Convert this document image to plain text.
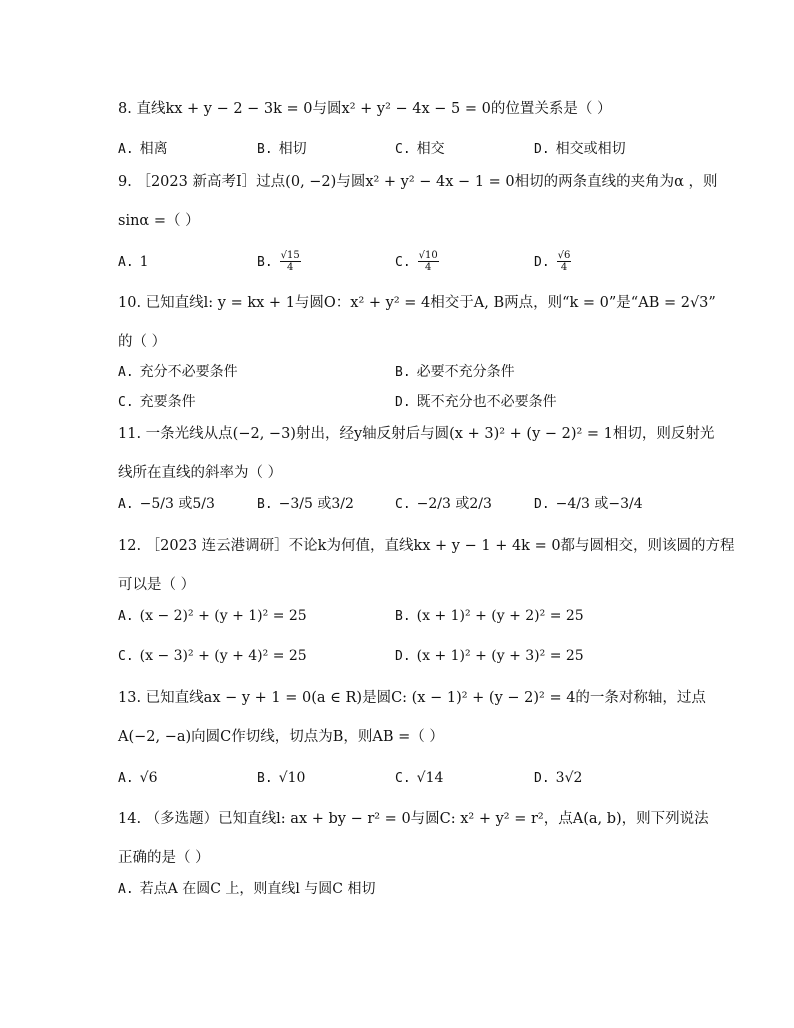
8. 直线kx + y − 2 − 3k = 0与圆x² + y² − 4x − 5 = 0的位置关系是（ ）
A. 相离	B. 相切	C. 相交	D. 相交或相切
9. ［2023 新高考Ⅰ］过点(0, −2)与圆x² + y² − 4x − 1 = 0相切的两条直线的夹角为α ，则
sinα =（ ）
A. 1	B. $\frac{√15}{4}$	C. $\frac{√10}{4}$	D. $\frac{√6}{4}$
10. 已知直线l: y = kx + 1与圆O：x² + y² = 4相交于A, B两点，则“k = 0”是“AB = 2√3”
的（ ）
A. 充分不必要条件	B. 必要不充分条件
C. 充要条件	D. 既不充分也不必要条件
11. 一条光线从点(−2, −3)射出，经y轴反射后与圆(x + 3)² + (y − 2)² = 1相切，则反射光
线所在直线的斜率为（ ）
A. −5/3 或5/3	B. −3/5 或3/2	C. −2/3 或2/3	D. −4/3 或−3/4
12. ［2023 连云港调研］不论k为何值，直线kx + y − 1 + 4k = 0都与圆相交，则该圆的方程
可以是（ ）
A. (x − 2)² + (y + 1)² = 25	B. (x + 1)² + (y + 2)² = 25
C. (x − 3)² + (y + 4)² = 25	D. (x + 1)² + (y + 3)² = 25
13. 已知直线ax − y + 1 = 0(a ∈ R)是圆C: (x − 1)² + (y − 2)² = 4的一条对称轴，过点
A(−2, −a)向圆C作切线，切点为B，则AB =（ ）
A. √6	B. √10	C. √14	D. 3√2
14. （多选题）已知直线l: ax + by − r² = 0与圆C: x² + y² = r²，点A(a, b)，则下列说法
正确的是（ ）
A. 若点A 在圆C 上，则直线l 与圆C 相切
